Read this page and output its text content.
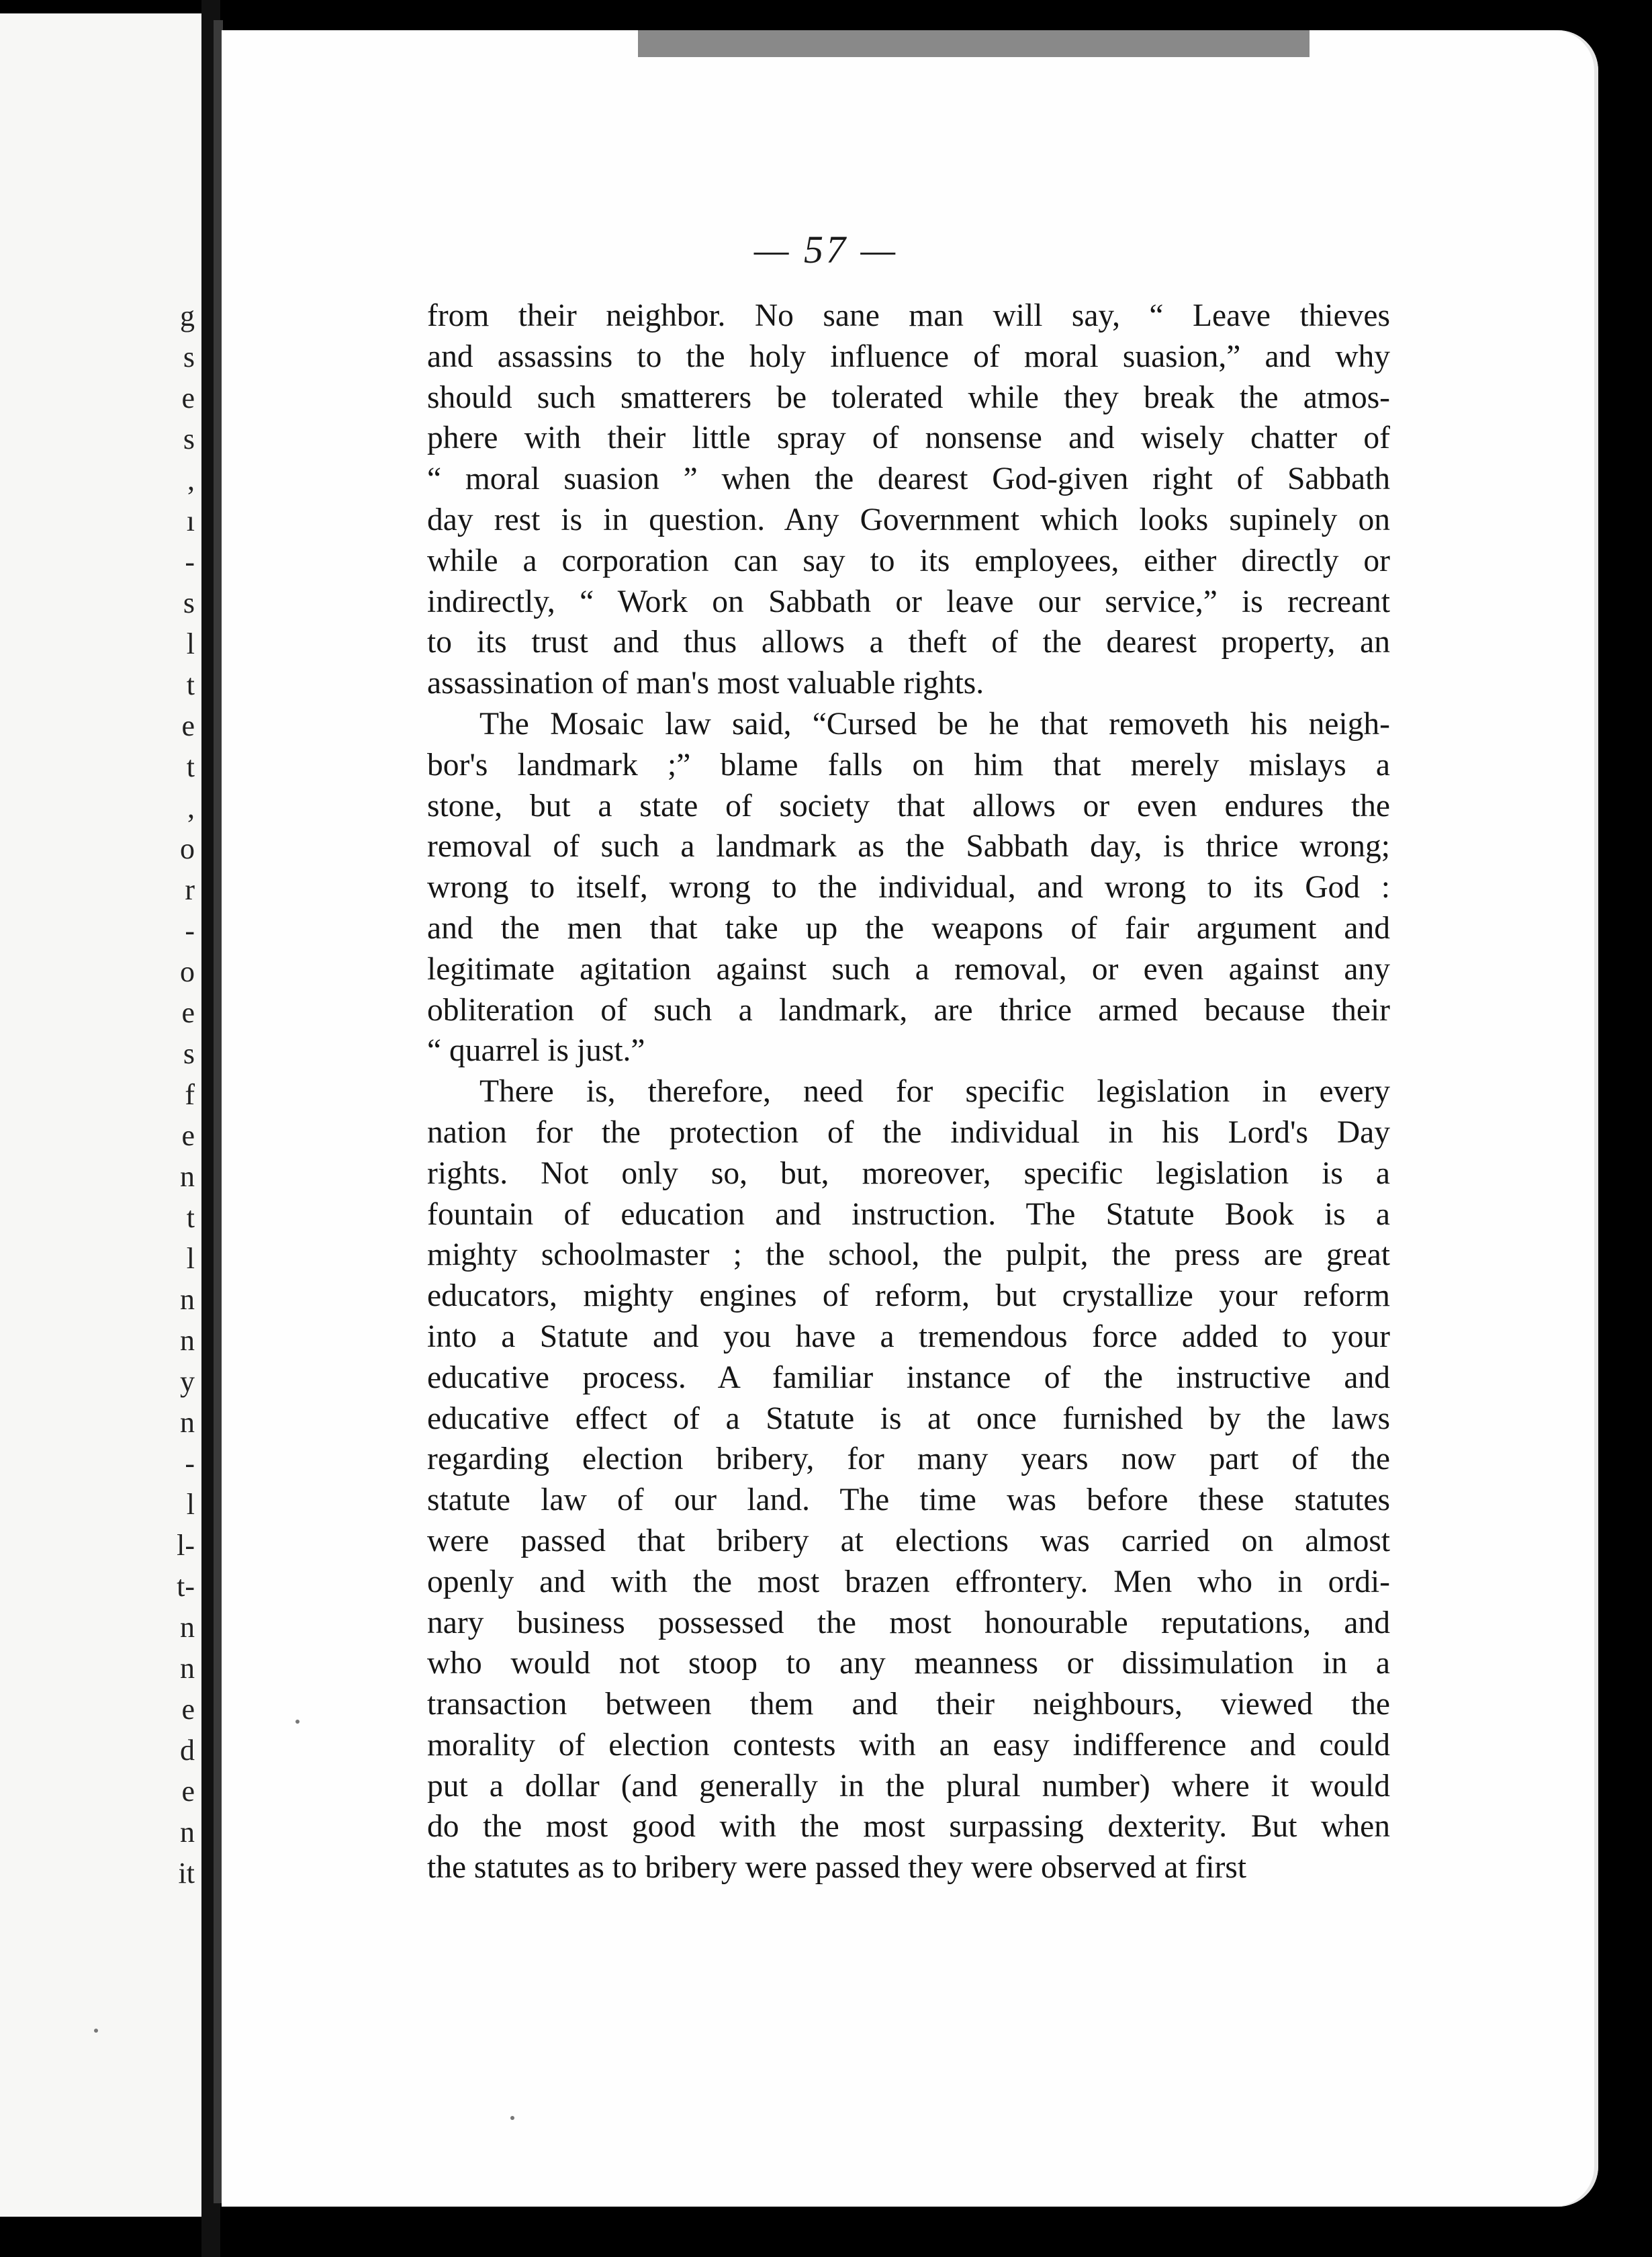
g
s
e
s
,
ı
-
s
l
t
e
t
,
o
r
-
o
e
s
f
e
n
t
l
n
n
y
n
-
l
l-
t-
n
n
e
d
e
n
it
— 57 —
from their neighbor. No sane man will say, “ Leave thieves
and assassins to the holy influence of moral suasion,” and why
should such smatterers be tolerated while they break the atmos-
phere with their little spray of nonsense and wisely chatter of
“ moral suasion ” when the dearest God-given right of Sabbath
day rest is in question. Any Government which looks supinely on
while a corporation can say to its employees, either directly or
indirectly, “ Work on Sabbath or leave our service,” is recreant
to its trust and thus allows a theft of the dearest property, an
assassination of man's most valuable rights.
The Mosaic law said, “Cursed be he that removeth his neigh-
bor's landmark ;” blame falls on him that merely mislays a
stone, but a state of society that allows or even endures the
removal of such a landmark as the Sabbath day, is thrice wrong;
wrong to itself, wrong to the individual, and wrong to its God :
and the men that take up the weapons of fair argument and
legitimate agitation against such a removal, or even against any
obliteration of such a landmark, are thrice armed because their
“ quarrel is just.”
There is, therefore, need for specific legislation in every
nation for the protection of the individual in his Lord's Day
rights. Not only so, but, moreover, specific legislation is a
fountain of education and instruction. The Statute Book is a
mighty schoolmaster ; the school, the pulpit, the press are great
educators, mighty engines of reform, but crystallize your reform
into a Statute and you have a tremendous force added to your
educative process. A familiar instance of the instructive and
educative effect of a Statute is at once furnished by the laws
regarding election bribery, for many years now part of the
statute law of our land. The time was before these statutes
were passed that bribery at elections was carried on almost
openly and with the most brazen effrontery. Men who in ordi-
nary business possessed the most honourable reputations, and
who would not stoop to any meanness or dissimulation in a
transaction between them and their neighbours, viewed the
morality of election contests with an easy indifference and could
put a dollar (and generally in the plural number) where it would
do the most good with the most surpassing dexterity. But when
the statutes as to bribery were passed they were observed at first
